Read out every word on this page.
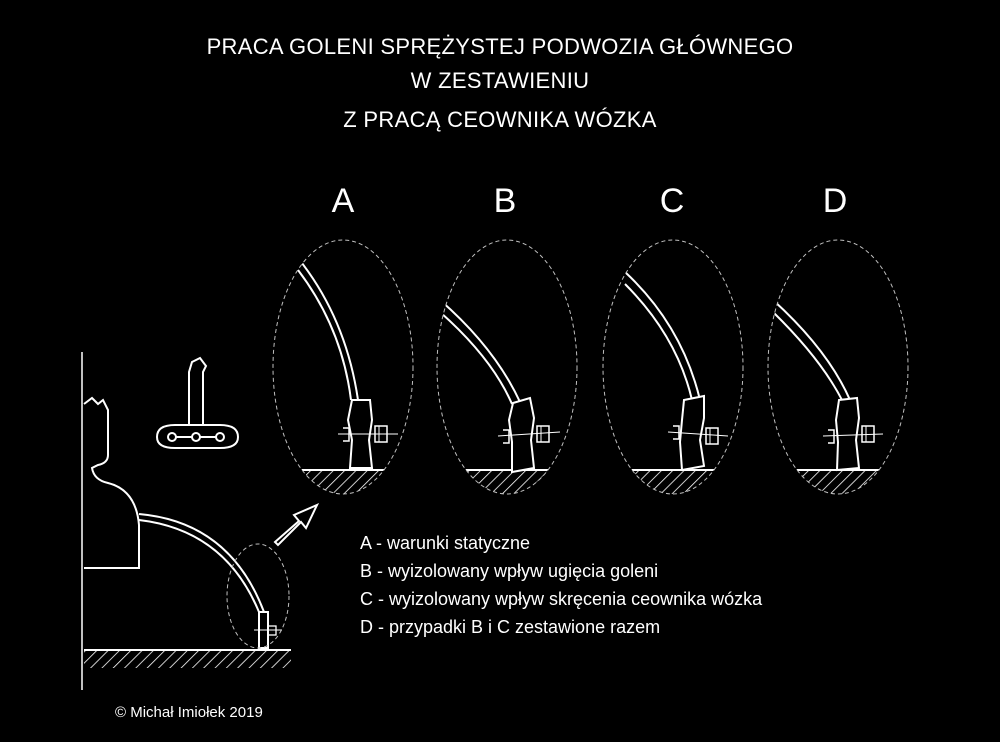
PRACA GOLENI SPRĘŻYSTEJ PODWOZIA GŁÓWNEGO
W ZESTAWIENIU
Z PRACĄ CEOWNIKA WÓZKA
A	B	C	D
A - warunki statyczne
B - wyizolowany wpływ ugięcia goleni
C - wyizolowany wpływ skręcenia ceownika wózka
D - przypadki B i C zestawione razem
© Michał Imiołek 2019
